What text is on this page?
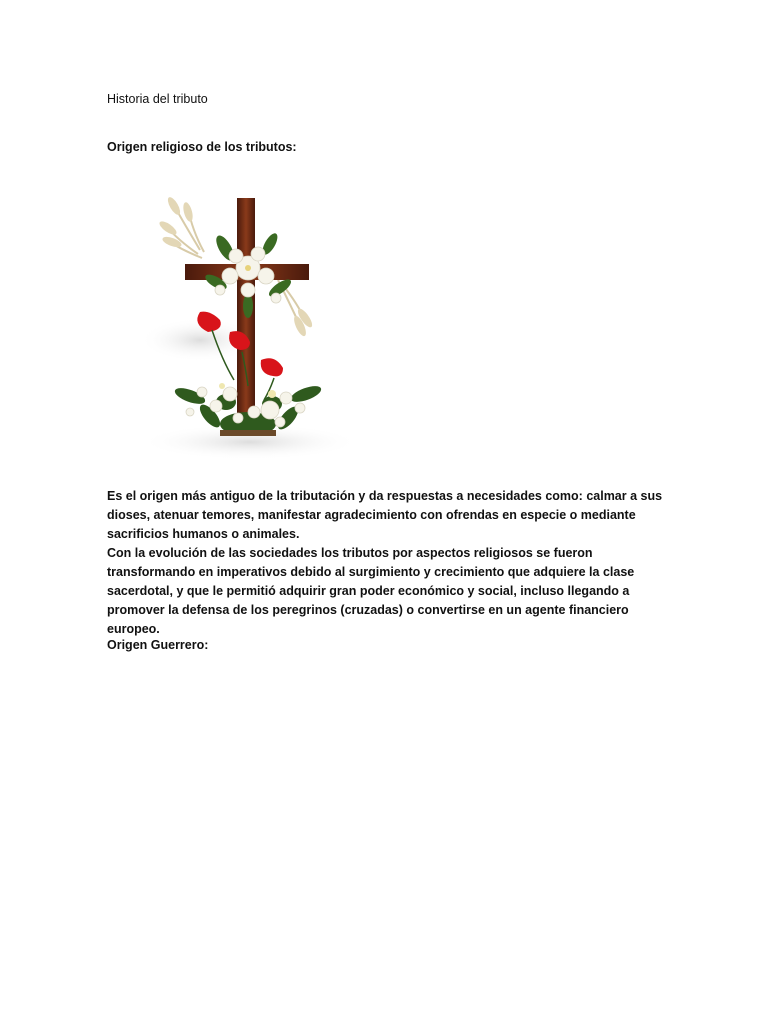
Historia del tributo
Origen religioso de los tributos:

Es el origen más antiguo de la tributación y da respuestas a necesidades como: calmar a sus dioses, atenuar temores, manifestar agradecimiento con ofrendas en especie o mediante sacrificios humanos o animales.

Con la evolución de las sociedades los tributos por aspectos religiosos se fueron transformando en imperativos debido al surgimiento y crecimiento que adquiere la clase sacerdotal, y que le permitió adquirir gran poder económico y social, incluso llegando a promover la defensa de los peregrinos (cruzadas) o convertirse en un agente financiero europeo.

Origen Guerrero:
